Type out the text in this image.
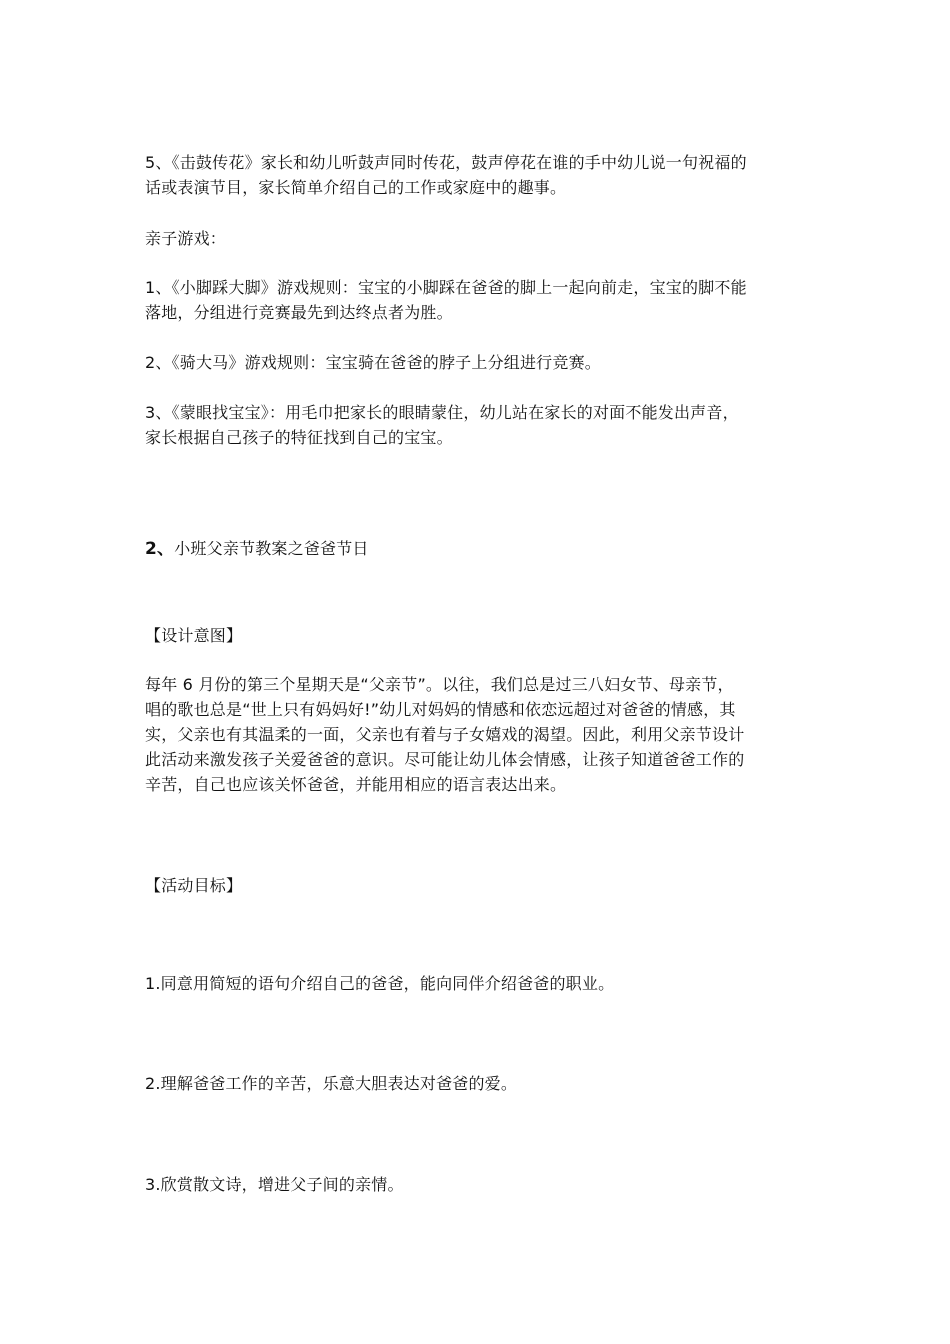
5、《击鼓传花》家长和幼儿听鼓声同时传花，鼓声停花在谁的手中幼儿说一句祝福的
话或表演节目，家长简单介绍自己的工作或家庭中的趣事。

亲子游戏：

1、《小脚踩大脚》游戏规则：宝宝的小脚踩在爸爸的脚上一起向前走，宝宝的脚不能
落地，分组进行竞赛最先到达终点者为胜。

2、《骑大马》游戏规则：宝宝骑在爸爸的脖子上分组进行竞赛。

3、《蒙眼找宝宝》：用毛巾把家长的眼睛蒙住，幼儿站在家长的对面不能发出声音，
家长根据自己孩子的特征找到自己的宝宝。

2、小班父亲节教案之爸爸节日

【设计意图】

每年 6 月份的第三个星期天是“父亲节”。以往，我们总是过三八妇女节、母亲节，
唱的歌也总是“世上只有妈妈好!”幼儿对妈妈的情感和依恋远超过对爸爸的情感，其
实，父亲也有其温柔的一面，父亲也有着与子女嬉戏的渴望。因此，利用父亲节设计
此活动来激发孩子关爱爸爸的意识。尽可能让幼儿体会情感，让孩子知道爸爸工作的
辛苦，自己也应该关怀爸爸，并能用相应的语言表达出来。

【活动目标】

1.同意用简短的语句介绍自己的爸爸，能向同伴介绍爸爸的职业。

2.理解爸爸工作的辛苦，乐意大胆表达对爸爸的爱。

3.欣赏散文诗，增进父子间的亲情。
